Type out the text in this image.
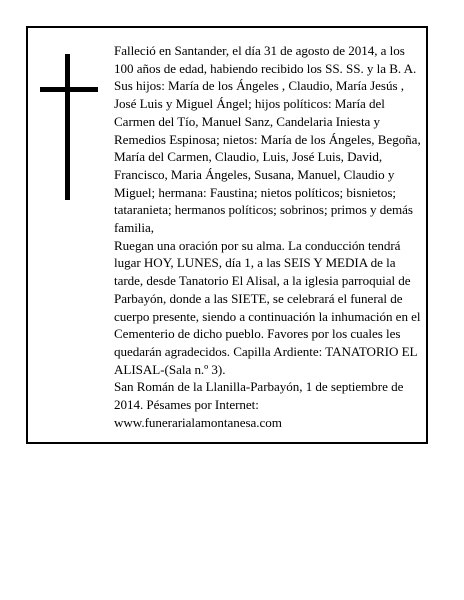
Falleció en Santander, el día 31 de agosto de 2014, a los 100 años de edad, habiendo recibido los SS. SS. y la B. A.

Sus hijos: María de los Ángeles , Claudio, María Jesús , José Luis y Miguel Ángel; hijos políticos: María del Carmen del Tío, Manuel Sanz, Candelaria Iniesta y Remedios Espinosa; nietos: María de los Ángeles, Begoña, María del Carmen, Claudio, Luis, José Luis, David, Francisco, Maria Ángeles, Susana, Manuel, Claudio y Miguel; hermana: Faustina; nietos políticos; bisnietos; tataranieta; hermanos políticos; sobrinos; primos y demás familia,

Ruegan una oración por su alma. La conducción tendrá lugar HOY, LUNES, día 1, a las SEIS Y MEDIA de la tarde, desde Tanatorio El Alisal, a la iglesia parroquial de Parbayón, donde a las SIETE, se celebrará el funeral de cuerpo presente, siendo a continuación la inhumación en el Cementerio de dicho pueblo. Favores por los cuales les quedarán agradecidos. Capilla Ardiente: TANATORIO EL ALISAL-(Sala n.º 3).

San Román de la Llanilla-Parbayón, 1 de septiembre de 2014. Pésames por Internet: www.funerarialamontanesa.com
